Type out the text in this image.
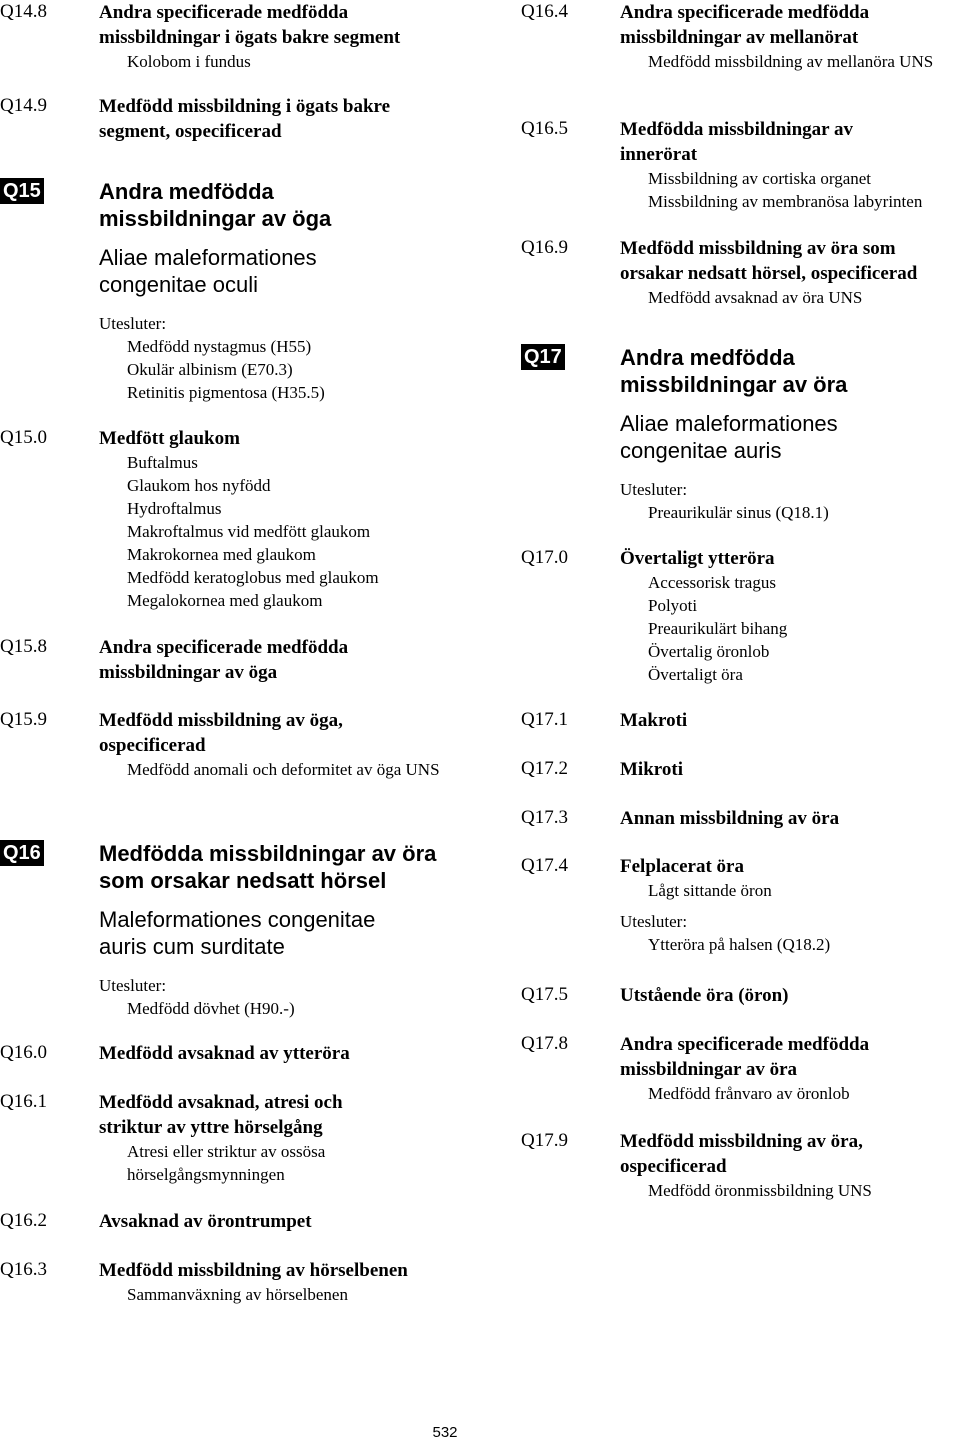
Q14.8	Andra specificerade medfödda missbildningar i ögats bakre segment
Kolobom i fundus
Q14.9	Medfödd missbildning i ögats bakre segment, ospecificerad
Q15	Andra medfödda missbildningar av öga
Aliae maleformationes congenitae oculi
Utesluter:
Medfödd nystagmus (H55)
Okulär albinism (E70.3)
Retinitis pigmentosa (H35.5)
Q15.0	Medfött glaukom
Buftalmus
Glaukom hos nyfödd
Hydroftalmus
Makroftalmus vid medfött glaukom
Makrokornea med glaukom
Medfödd keratoglobus med glaukom
Megalokornea med glaukom
Q15.8	Andra specificerade medfödda missbildningar av öga
Q15.9	Medfödd missbildning av öga, ospecificerad
Medfödd anomali och deformitet av öga UNS
Q16	Medfödda missbildningar av öra som orsakar nedsatt hörsel
Maleformationes congenitae auris cum surditate
Utesluter:
Medfödd dövhet (H90.-)
Q16.0	Medfödd avsaknad av ytteröra
Q16.1	Medfödd avsaknad, atresi och striktur av yttre hörselgång
Atresi eller striktur av ossösa hörselgångsmynningen
Q16.2	Avsaknad av örontrumpet
Q16.3	Medfödd missbildning av hörselbenen
Sammanväxning av hörselbenen
Q16.4	Andra specificerade medfödda missbildningar av mellanörat
Medfödd missbildning av mellanöra UNS
Q16.5	Medfödda missbildningar av innerörat
Missbildning av cortiska organet
Missbildning av membranösa labyrinten
Q16.9	Medfödd missbildning av öra som orsakar nedsatt hörsel, ospecificerad
Medfödd avsaknad av öra UNS
Q17	Andra medfödda missbildningar av öra
Aliae maleformationes congenitae auris
Utesluter:
Preaurikulär sinus (Q18.1)
Q17.0	Övertaligt ytteröra
Accessorisk tragus
Polyoti
Preaurikulärt bihang
Övertalig öronlob
Övertaligt öra
Q17.1	Makroti
Q17.2	Mikroti
Q17.3	Annan missbildning av öra
Q17.4	Felplacerat öra
Lågt sittande öron
Utesluter:
Ytteröra på halsen (Q18.2)
Q17.5	Utstående öra (öron)
Q17.8	Andra specificerade medfödda missbildningar av öra
Medfödd frånvaro av öronlob
Q17.9	Medfödd missbildning av öra, ospecificerad
Medfödd öronmissbildning UNS
532
